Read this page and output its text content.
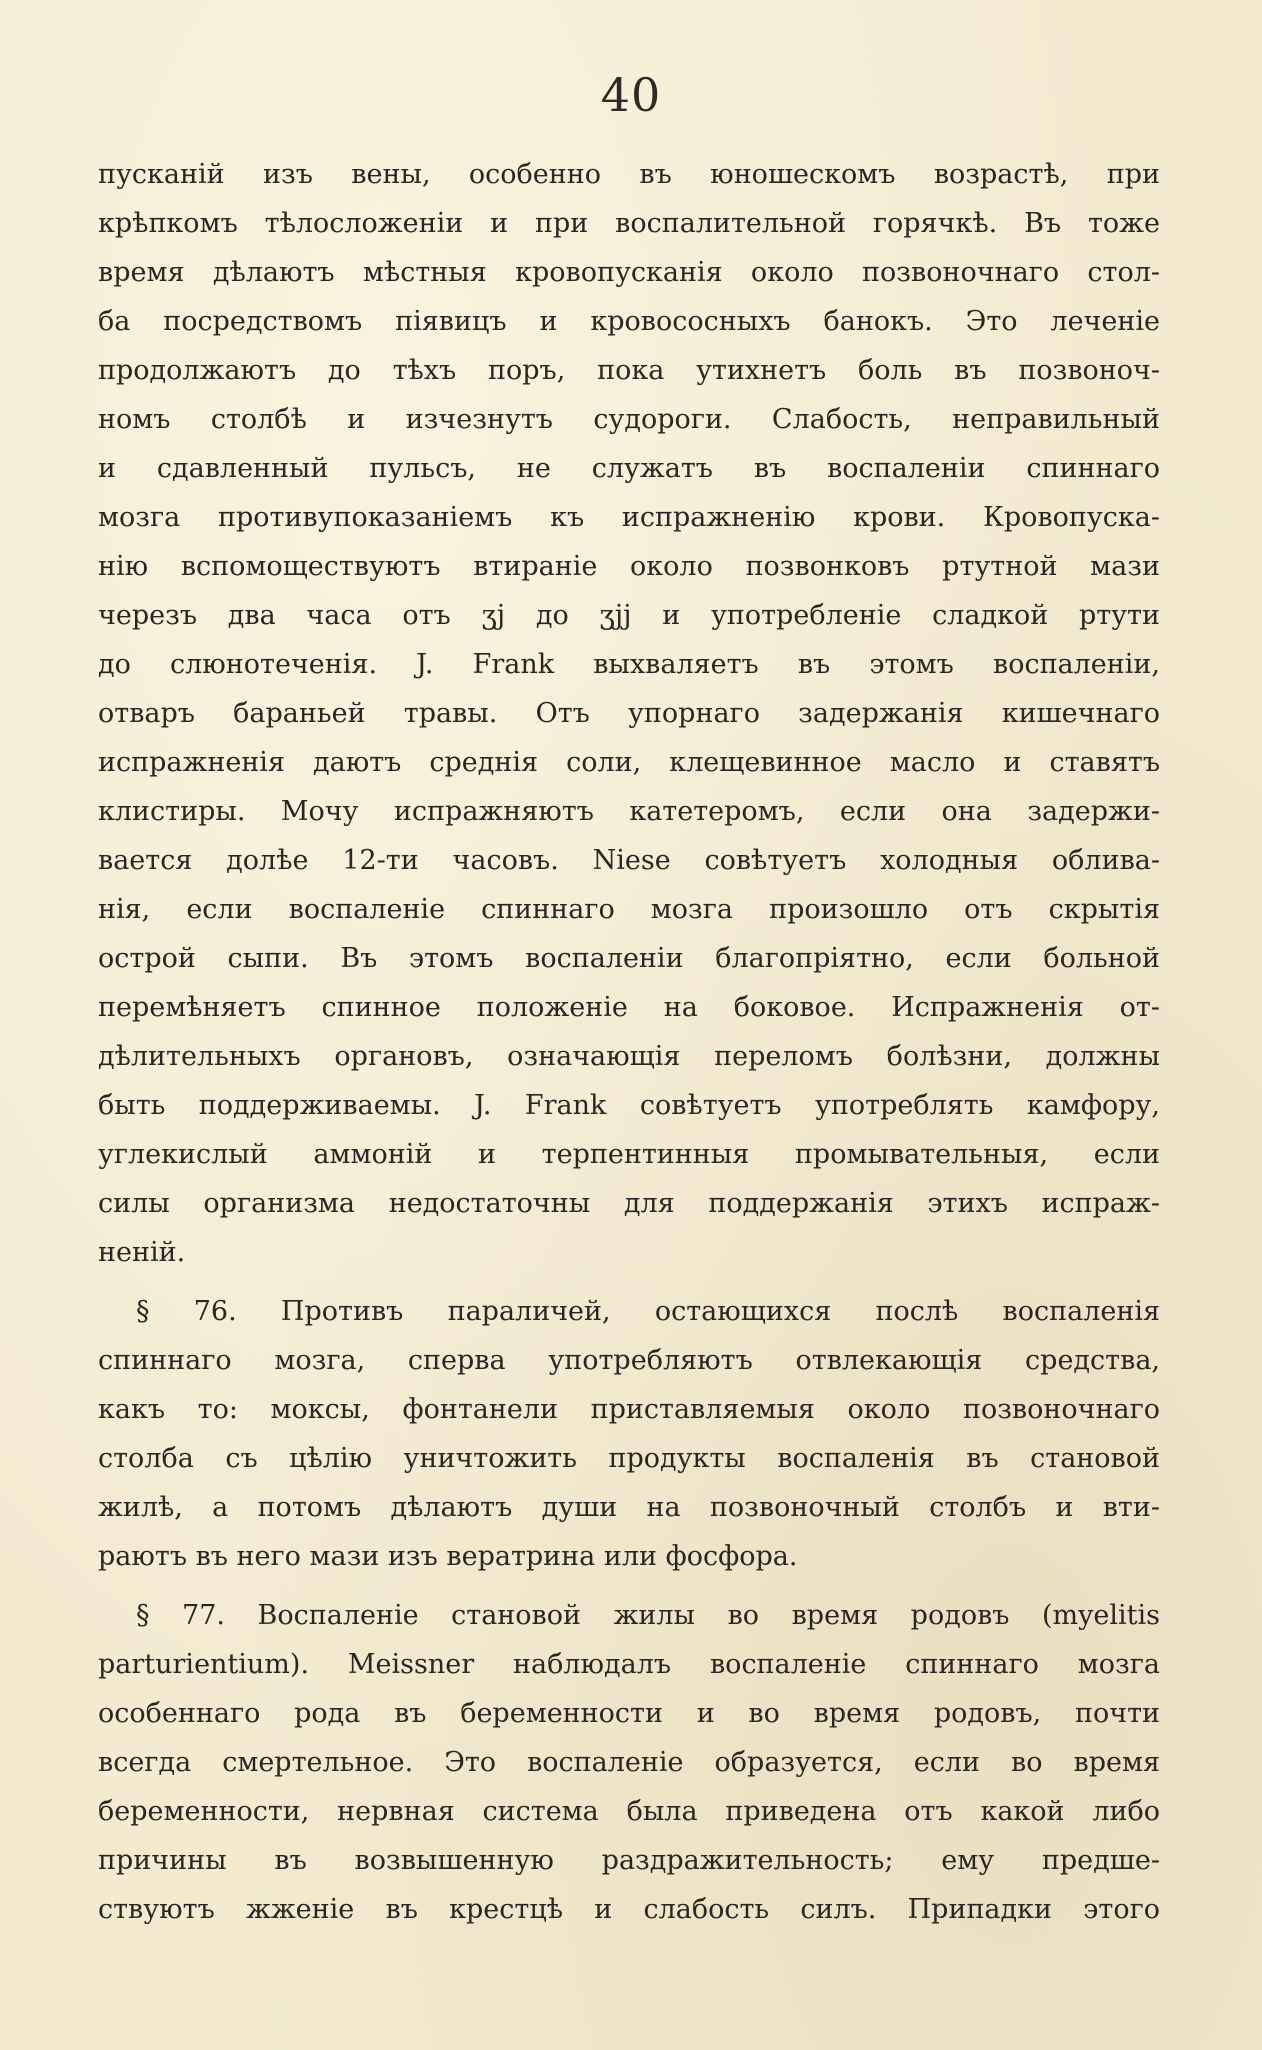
40
пусканій изъ вены, особенно въ юношескомъ возрастѣ, при
крѣпкомъ тѣлосложеніи и при воспалительной горячкѣ. Въ тоже
время дѣлаютъ мѣстныя кровопусканія около позвоночнаго стол-
ба посредствомъ піявицъ и кровососныхъ банокъ. Это леченіе
продолжаютъ до тѣхъ поръ, пока утихнетъ боль въ позвоноч-
номъ столбѣ и изчезнутъ судороги. Слабость, неправильный
и сдавленный пульсъ, не служатъ въ воспаленіи спиннаго
мозга противупоказаніемъ къ испражненію крови. Кровопуска-
нію вспомоществуютъ втираніе около позвонковъ ртутной мази
черезъ два часа отъ ʒj до ʒjj и употребленіе сладкой ртути
до слюнотеченія. J. Frank выхваляетъ въ этомъ воспаленіи,
отваръ бараньей травы. Отъ упорнаго задержанія кишечнаго
испражненія даютъ среднія соли, клещевинное масло и ставятъ
клистиры. Мочу испражняютъ катетеромъ, если она задержи-
вается долѣе 12-ти часовъ. Niese совѣтуетъ холодныя облива-
нія, если воспаленіе спиннаго мозга произошло отъ скрытія
острой сыпи. Въ этомъ воспаленіи благопріятно, если больной
перемѣняетъ спинное положеніе на боковое. Испражненія от-
дѣлительныхъ органовъ, означающія переломъ болѣзни, должны
быть поддерживаемы. J. Frank совѣтуетъ употреблять камфору,
углекислый аммоній и терпентинныя промывательныя, если
силы организма недостаточны для поддержанія этихъ испраж-
неній.
§ 76. Противъ параличей, остающихся послѣ воспаленія
спиннаго мозга, сперва употребляютъ отвлекающія средства,
какъ то: моксы, фонтанели приставляемыя около позвоночнаго
столба съ цѣлію уничтожить продукты воспаленія въ становой
жилѣ, а потомъ дѣлаютъ души на позвоночный столбъ и вти-
раютъ въ него мази изъ вератрина или фосфора.
§ 77. Воспаленіе становой жилы во время родовъ (myelitis
parturientium). Meissner наблюдалъ воспаленіе спиннаго мозга
особеннаго рода въ беременности и во время родовъ, почти
всегда смертельное. Это воспаленіе образуется, если во время
беременности, нервная система была приведена отъ какой либо
причины въ возвышенную раздражительность; ему предше-
ствуютъ жженіе въ крестцѣ и слабость силъ. Припадки этого
